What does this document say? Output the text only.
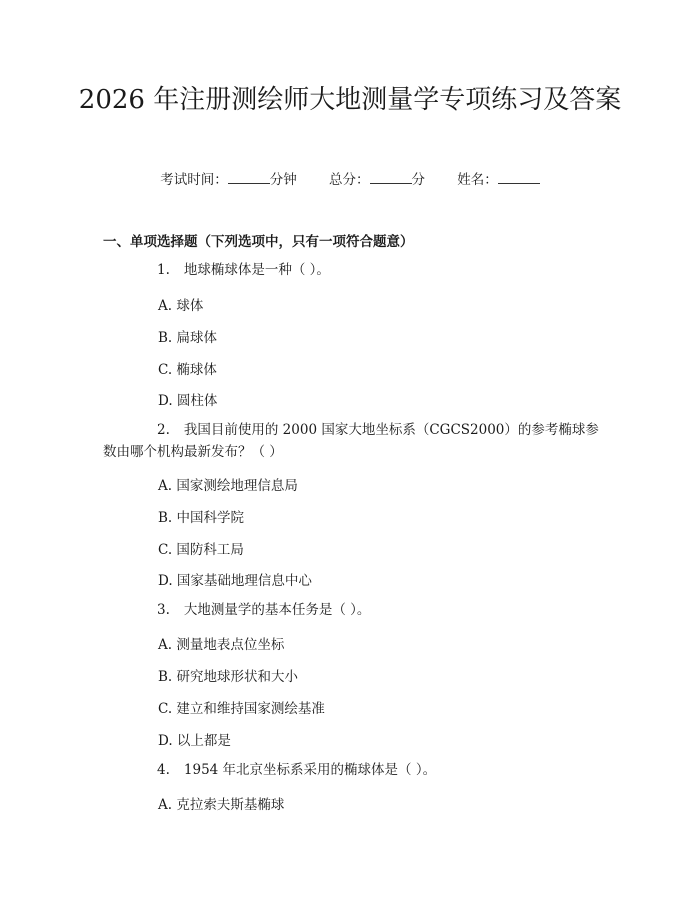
2026 年注册测绘师大地测量学专项练习及答案
考试时间：	分钟 总分：	分 姓名：
一、单项选择题（下列选项中，只有一项符合题意）
1. 地球椭球体是一种（ ）。
A. 球体
B. 扁球体
C. 椭球体
D. 圆柱体
2. 我国目前使用的 2000 国家大地坐标系（CGCS2000）的参考椭球参数由哪个机构最新发布？（ ）
A. 国家测绘地理信息局
B. 中国科学院
C. 国防科工局
D. 国家基础地理信息中心
3. 大地测量学的基本任务是（ ）。
A. 测量地表点位坐标
B. 研究地球形状和大小
C. 建立和维持国家测绘基准
D. 以上都是
4. 1954 年北京坐标系采用的椭球体是（ ）。
A. 克拉索夫斯基椭球
